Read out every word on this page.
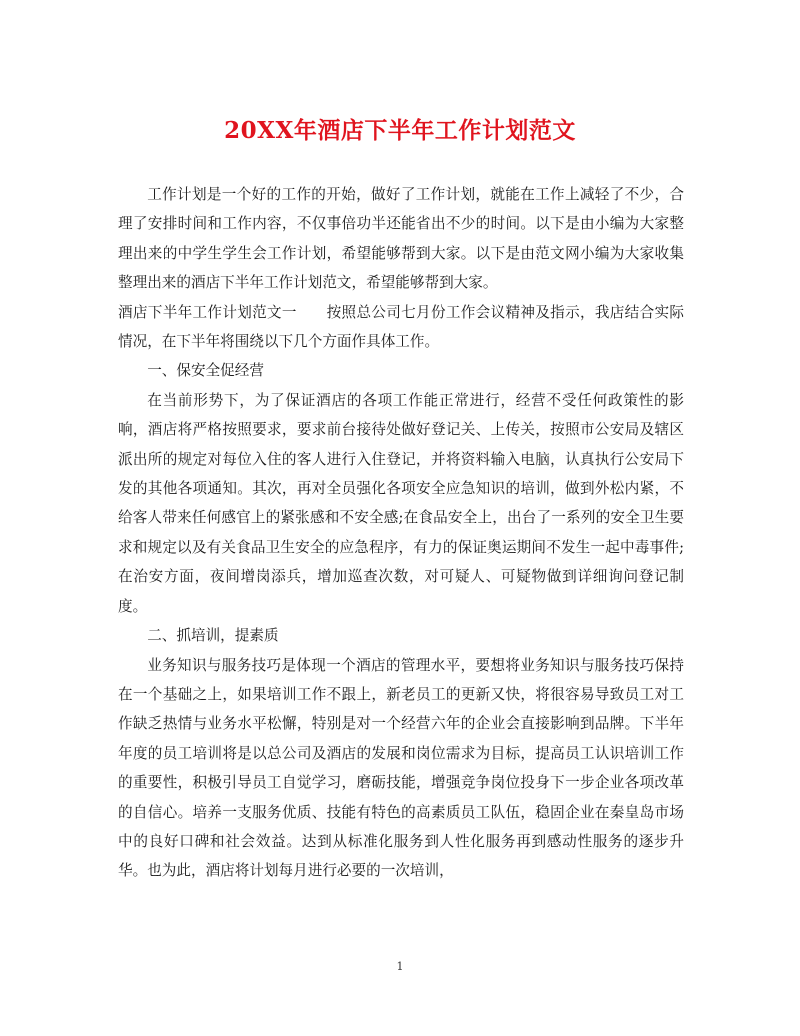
20XX年酒店下半年工作计划范文

工作计划是一个好的工作的开始，做好了工作计划，就能在工作上减轻了不少，合理了安排时间和工作内容，不仅事倍功半还能省出不少的时间。以下是由小编为大家整理出来的中学生学生会工作计划，希望能够帮到大家。以下是由范文网小编为大家收集整理出来的酒店下半年工作计划范文，希望能够帮到大家。

酒店下半年工作计划范文一　　按照总公司七月份工作会议精神及指示，我店结合实际情况，在下半年将围绕以下几个方面作具体工作。

一、保安全促经营

在当前形势下，为了保证酒店的各项工作能正常进行，经营不受任何政策性的影响，酒店将严格按照要求，要求前台接待处做好登记关、上传关，按照市公安局及辖区派出所的规定对每位入住的客人进行入住登记，并将资料输入电脑，认真执行公安局下发的其他各项通知。其次，再对全员强化各项安全应急知识的培训，做到外松内紧，不给客人带来任何感官上的紧张感和不安全感;在食品安全上，出台了一系列的安全卫生要求和规定以及有关食品卫生安全的应急程序，有力的保证奥运期间不发生一起中毒事件;在治安方面，夜间增岗添兵，增加巡查次数，对可疑人、可疑物做到详细询问登记制度。

二、抓培训，提素质

业务知识与服务技巧是体现一个酒店的管理水平，要想将业务知识与服务技巧保持在一个基础之上，如果培训工作不跟上，新老员工的更新又快，将很容易导致员工对工作缺乏热情与业务水平松懈，特别是对一个经营六年的企业会直接影响到品牌。下半年年度的员工培训将是以总公司及酒店的发展和岗位需求为目标，提高员工认识培训工作的重要性，积极引导员工自觉学习，磨砺技能，增强竞争岗位投身下一步企业各项改革的自信心。培养一支服务优质、技能有特色的高素质员工队伍，稳固企业在秦皇岛市场中的良好口碑和社会效益。达到从标准化服务到人性化服务再到感动性服务的逐步升华。也为此，酒店将计划每月进行必要的一次培训，

1
